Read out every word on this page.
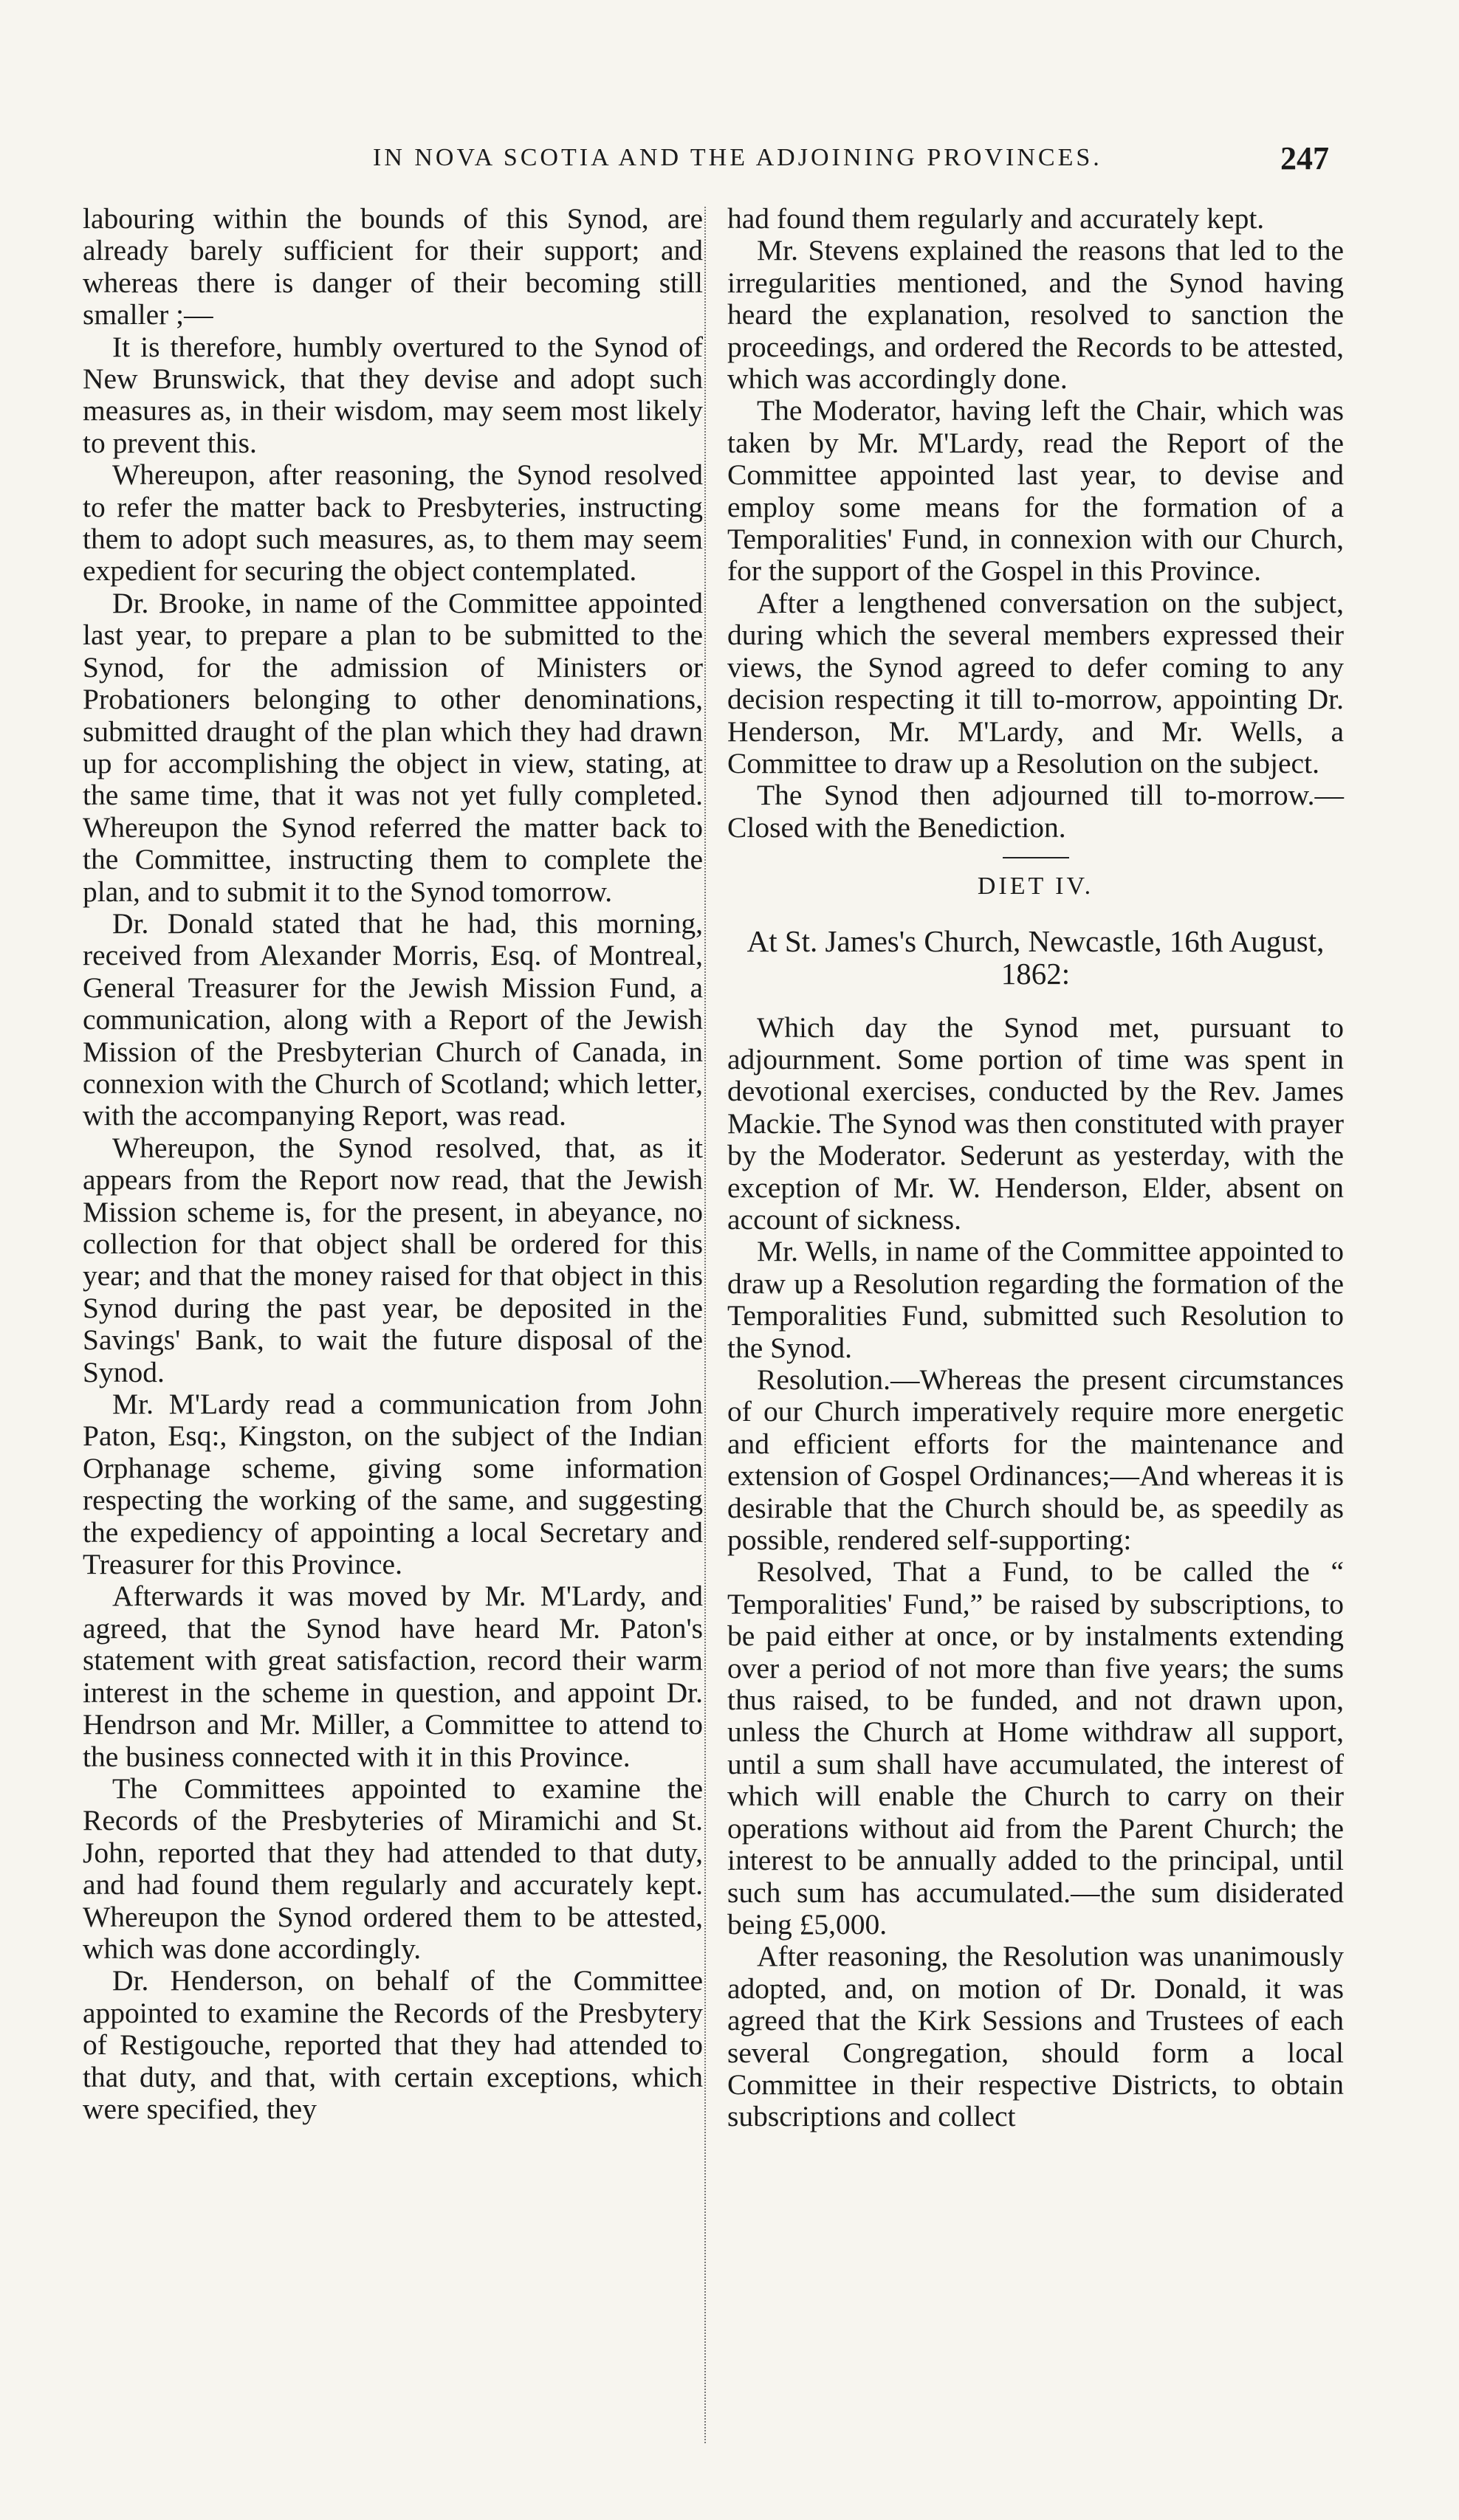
IN NOVA SCOTIA AND THE ADJOINING PROVINCES.	247

labouring within the bounds of this Synod, are already barely sufficient for their support; and whereas there is danger of their becoming still smaller ;—

It is therefore, humbly overtured to the Synod of New Brunswick, that they devise and adopt such measures as, in their wisdom, may seem most likely to prevent this.

Whereupon, after reasoning, the Synod resolved to refer the matter back to Presbyteries, instructing them to adopt such measures, as, to them may seem expedient for securing the object contemplated.

Dr. Brooke, in name of the Committee appointed last year, to prepare a plan to be submitted to the Synod, for the admission of Ministers or Probationers belonging to other denominations, submitted draught of the plan which they had drawn up for accomplishing the object in view, stating, at the same time, that it was not yet fully completed. Whereupon the Synod referred the matter back to the Committee, instructing them to complete the plan, and to submit it to the Synod tomorrow.

Dr. Donald stated that he had, this morning, received from Alexander Morris, Esq. of Montreal, General Treasurer for the Jewish Mission Fund, a communication, along with a Report of the Jewish Mission of the Presbyterian Church of Canada, in connexion with the Church of Scotland; which letter, with the accompanying Report, was read.

Whereupon, the Synod resolved, that, as it appears from the Report now read, that the Jewish Mission scheme is, for the present, in abeyance, no collection for that object shall be ordered for this year; and that the money raised for that object in this Synod during the past year, be deposited in the Savings' Bank, to wait the future disposal of the Synod.

Mr. M'Lardy read a communication from John Paton, Esq:, Kingston, on the subject of the Indian Orphanage scheme, giving some information respecting the working of the same, and suggesting the expediency of appointing a local Secretary and Treasurer for this Province.

Afterwards it was moved by Mr. M'Lardy, and agreed, that the Synod have heard Mr. Paton's statement with great satisfaction, record their warm interest in the scheme in question, and appoint Dr. Hendrson and Mr. Miller, a Committee to attend to the business connected with it in this Province.

The Committees appointed to examine the Records of the Presbyteries of Miramichi and St. John, reported that they had attended to that duty, and had found them regularly and accurately kept. Whereupon the Synod ordered them to be attested, which was done accordingly.

Dr. Henderson, on behalf of the Committee appointed to examine the Records of the Presbytery of Restigouche, reported that they had attended to that duty, and that, with certain exceptions, which were specified, they

had found them regularly and accurately kept.

Mr. Stevens explained the reasons that led to the irregularities mentioned, and the Synod having heard the explanation, resolved to sanction the proceedings, and ordered the Records to be attested, which was accordingly done.

The Moderator, having left the Chair, which was taken by Mr. M'Lardy, read the Report of the Committee appointed last year, to devise and employ some means for the formation of a Temporalities' Fund, in connexion with our Church, for the support of the Gospel in this Province.

After a lengthened conversation on the subject, during which the several members expressed their views, the Synod agreed to defer coming to any decision respecting it till to-morrow, appointing Dr. Henderson, Mr. M'Lardy, and Mr. Wells, a Committee to draw up a Resolution on the subject.

The Synod then adjourned till to-morrow.—Closed with the Benediction.

DIET IV.

At St. James's Church, Newcastle, 16th August, 1862:

Which day the Synod met, pursuant to adjournment. Some portion of time was spent in devotional exercises, conducted by the Rev. James Mackie. The Synod was then constituted with prayer by the Moderator. Sederunt as yesterday, with the exception of Mr. W. Henderson, Elder, absent on account of sickness.

Mr. Wells, in name of the Committee appointed to draw up a Resolution regarding the formation of the Temporalities Fund, submitted such Resolution to the Synod.

Resolution.—Whereas the present circumstances of our Church imperatively require more energetic and efficient efforts for the maintenance and extension of Gospel Ordinances;—And whereas it is desirable that the Church should be, as speedily as possible, rendered self-supporting:

Resolved, That a Fund, to be called the “ Temporalities' Fund,” be raised by subscriptions, to be paid either at once, or by instalments extending over a period of not more than five years; the sums thus raised, to be funded, and not drawn upon, unless the Church at Home withdraw all support, until a sum shall have accumulated, the interest of which will enable the Church to carry on their operations without aid from the Parent Church; the interest to be annually added to the principal, until such sum has accumulated.—the sum disiderated being £5,000.

After reasoning, the Resolution was unanimously adopted, and, on motion of Dr. Donald, it was agreed that the Kirk Sessions and Trustees of each several Congregation, should form a local Committee in their respective Districts, to obtain subscriptions and collect
